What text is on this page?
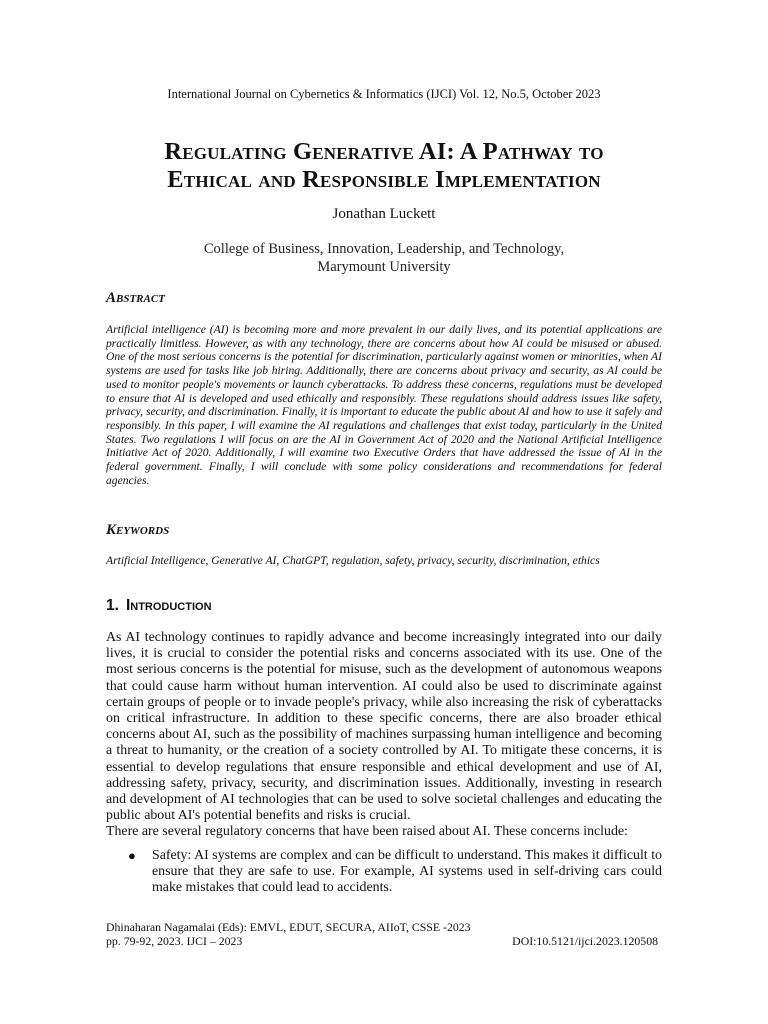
International Journal on Cybernetics & Informatics (IJCI) Vol. 12, No.5, October 2023
Regulating Generative AI: A Pathway to
Ethical and Responsible Implementation
Jonathan Luckett
College of Business, Innovation, Leadership, and Technology,
Marymount University
Abstract
Artificial intelligence (AI) is becoming more and more prevalent in our daily lives, and its potential applications are practically limitless. However, as with any technology, there are concerns about how AI could be misused or abused. One of the most serious concerns is the potential for discrimination, particularly against women or minorities, when AI systems are used for tasks like job hiring. Additionally, there are concerns about privacy and security, as AI could be used to monitor people's movements or launch cyberattacks. To address these concerns, regulations must be developed to ensure that AI is developed and used ethically and responsibly. These regulations should address issues like safety, privacy, security, and discrimination. Finally, it is important to educate the public about AI and how to use it safely and responsibly. In this paper, I will examine the AI regulations and challenges that exist today, particularly in the United States. Two regulations I will focus on are the AI in Government Act of 2020 and the National Artificial Intelligence Initiative Act of 2020. Additionally, I will examine two Executive Orders that have addressed the issue of AI in the federal government. Finally, I will conclude with some policy considerations and recommendations for federal agencies.
Keywords
Artificial Intelligence, Generative AI, ChatGPT, regulation, safety, privacy, security, discrimination, ethics
1. Introduction

As AI technology continues to rapidly advance and become increasingly integrated into our daily lives, it is crucial to consider the potential risks and concerns associated with its use. One of the most serious concerns is the potential for misuse, such as the development of autonomous weapons that could cause harm without human intervention. AI could also be used to discriminate against certain groups of people or to invade people's privacy, while also increasing the risk of cyberattacks on critical infrastructure. In addition to these specific concerns, there are also broader ethical concerns about AI, such as the possibility of machines surpassing human intelligence and becoming a threat to humanity, or the creation of a society controlled by AI. To mitigate these concerns, it is essential to develop regulations that ensure responsible and ethical development and use of AI, addressing safety, privacy, security, and discrimination issues. Additionally, investing in research and development of AI technologies that can be used to solve societal challenges and educating the public about AI's potential benefits and risks is crucial.

There are several regulatory concerns that have been raised about AI. These concerns include:

● Safety: AI systems are complex and can be difficult to understand. This makes it difficult to ensure that they are safe to use. For example, AI systems used in self-driving cars could make mistakes that could lead to accidents.
Dhinaharan Nagamalai (Eds): EMVL, EDUT, SECURA, AIIoT, CSSE -2023
pp. 79-92, 2023. IJCI – 2023	DOI:10.5121/ijci.2023.120508
